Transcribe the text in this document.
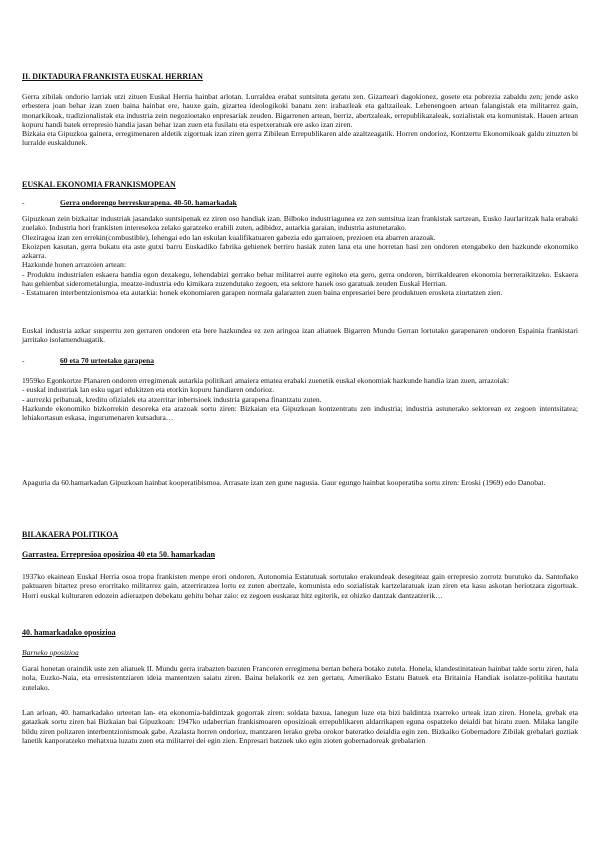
II. DIKTADURA FRANKISTA EUSKAL HERRIAN

Gerra zibilak ondorio larriak utzi zituen Euskal Herria hainbat arlotan. Lurraldea erabat suntsituta geratu zen. Gizarteari dagokionez, gosete eta pobrezia zabaldu zen; jende asko erbestera joan behar izan zuen baina hainbat ere, hauxe gain, gizartea ideologikoki banatu zen: irabazleak eta galtzaileak. Lehenengoen artean falangistak eta militarrez gain, monarkikoak, tradizionalistak eta industria zein negozioetako enpresariak zeuden. Bigarrenen artean, berriz, abertzaleak, errepublikazaleak, sozialistak eta komunistak. Hauen artean kopuru handi batek errepresio handia jasan behar izan zuen eta fusilatu eta espetxeratuak ere asko izan ziren.

Bizkaia eta Gipuzkoa gainera, erregimenaren aldetik zigortuak izan ziren gerra Zibilean Errepublikaren alde azaltzeagatik. Horren ondorioz, Kontzertu Ekonomikoak galdu zituzten bi lurralde euskaldunek.

EUSKAL EKONOMIA FRANKISMOPEAN
-	Gerra ondorengo berreskurapena. 40-50. hamarkadak

Gipuzkoan zein bizkaitar industriak jasandako suntsipenak ez ziren oso handiak izan. Bilboko industriagunea ez zen suntsitua izan frankistak sartzean, Eusko Jaurlaritzak hala erabaki zuelako. Industria hori frankisten interesekoa zelako garatzeko erabili zuten, adibidez, autarkia garaian, industria astunetarako.

Oleziragoa izan zen errekin(combustible), lehengai edo lan eskulan kualifikatuaren gabezia edo garraioen, prezioen eta abarren arazoak.

Ekoizpen kasutan, gerra bukatu eta aste gutxi barru Euskadiko fabrika gehienek berriro hasiak zuten lana eta une horretan hasi zen ondoren etengabeko den hazkunde ekonomiko azkarra.

Hazkunde honen arrazoien artean:

- Produktu industrialen eskaera handia egon dezakegu, lehendabizi gerrako behar militarrei aurre egiteko eta gero, gerra ondoren, birrikaldearen ekonomia berreraikitzeko. Eskaera hau gehienbat siderometalurgia, meatze-industria edo kimikara zuzendutako zegoen, eta sektore hauek oso garatuak zeuden Euskal Herrian.

- Estatuaren interbentzionismoa eta autarkia: honek ekonomiaren garapen normala galarazten zuen baina enpresariei bere produktuen erosketa ziurtatzen zien.

Euskal industria azkar susperrtu zen gerraren ondoren eta bere hazkundea ez zen aringoa izan aliatuek Bigarren Mundu Gerran lortutako garapenaren ondoren Espainia frankistari jarritako isolamenduagatik.
-	60 eta 70 urteetako garapena

1959ko Egonkortze Planaren ondoren erregimenak autarkia politikari amaiera ematea erabaki zuenetik euskal ekonomiak hazkunde handia izan zuen, arrazoiak:

- euskal industriak lan esku ugari edukitzen eta etorkin kopuru handiaren ondorioz.

- aurrezki pribatuak, kreditu ofizialek eta atzerritar inbertsioek industria garapena finantzatu zuten.

Hazkunde ekonomiko bizkorrekin desoreka eta arazoak sortu ziren: Bizkaian eta Gipuzkoan kontzentratu zen industria; industria astunerako sektorean ez zegoen intentsitatea; lehiakortasun eskasa, ingurumenaren kutsadura…

Apaguria da 60.hamarkadan Gipuzkoan hainbat kooperatibismoa. Arrasate izan zen gune nagusia. Gaur egungo hainbat kooperatiba sortu ziren: Eroski (1969) edo Danobat.
BILAKAERA POLITIKOA
Garrastea. Errepresioa oposizioa 40 eta 50. hamarkadan
1937ko ekainean Euskal Herria osoa tropa frankisten menpe erori ondoren, Autonomia Estatutuak sortutako erakundeak desegiteaz gain errepresio zorrotz burutuko da. Santoñako paktuaren bitartez preso erorritako militarrez gain, atzerriratzea lortu ez zuten abertzale, komunista edo sozialistak kartzelaratuak izan ziren eta kasu askotan heriotzara zigortuak. Horri euskal kulturaren edozein adierazpen debekatu gehitu behar zaio: ez zegoen euskaraz hitz egiterik, ez ohizko dantzak dantzatzerik…
40. hamarkadako oposizioa
Barneko oposizioa
Garai honetan oraindik uste zen aliatuek II. Mundu gerra irabazten bazuten Francoren erregimena bertan behera botako zutela. Honela, klandestinitatean hainbat talde sortu ziren, hala nola, Euzko-Naia, eta erresistentziaren ideia mantentzen saiatu ziren. Baina helakorik ez zen gertatu, Amerikako Estatu Batuek eta Britainia Handiak isolatze-politika hautatu zutelako.
Lan arloan, 40. hamarkadako urteetan lan- eta ekonomia-baldintzak gogorrak ziren: soldata baxua, lanegun luze eta bizi baldintza txarreko urteak izan ziren. Honela, grebak eta gatazkak sortu ziren bai Bizkaian bai Gipuzkoan: 1947ko udaberrian frankismoaren oposizioak errepublikaren aldarrikapen eguna ospatzeko deialdi bat hiratu zuen. Milaka langile bildu ziren polizaren interbentzionismoak gabe. Azalasta horren ondorioz, mantzaren lerako greba orokor bateratko deialdia egin zen. Bizkaiko Gobernadore Zibilak grebalari guztiak lanetik kanporatzeko mehatxua luzatu zuen eta militarrei dei egin zien. Enpresari batzuek uko egin zioten gobernadoreak grebalarien
